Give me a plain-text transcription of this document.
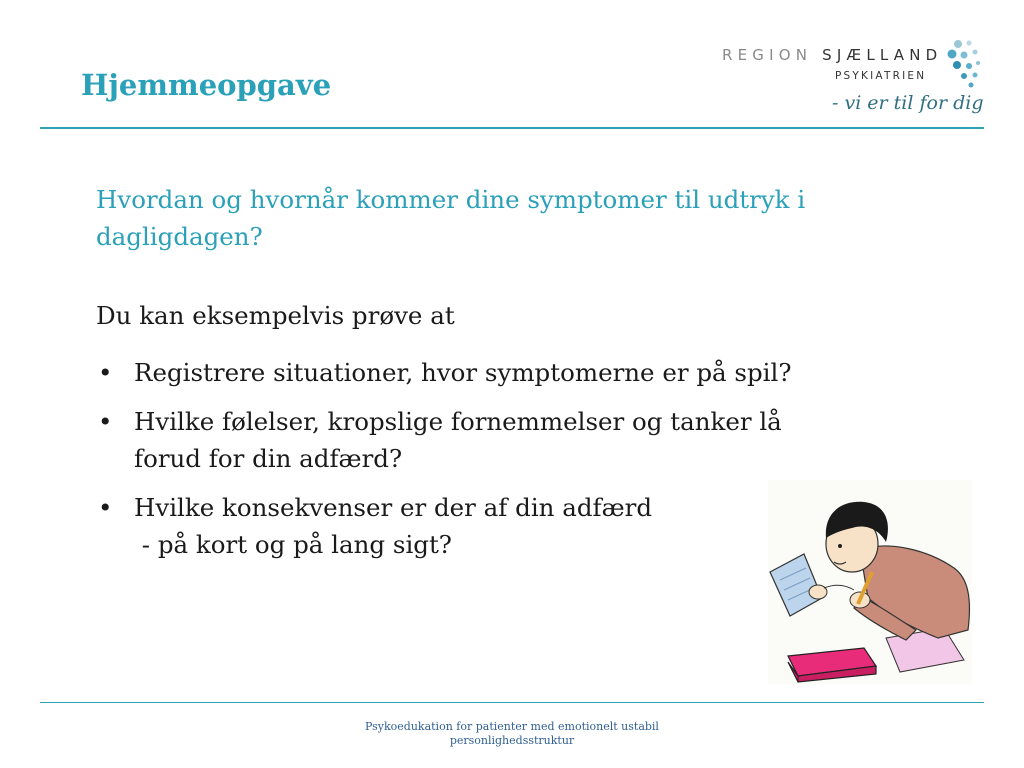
Hjemmeopgave
REGION SJÆLLAND
PSYKIATRIEN
- vi er til for dig
Hvordan og hvornår kommer dine symptomer til udtryk i dagligdagen?
Du kan eksempelvis prøve at
• Registrere situationer, hvor symptomerne er på spil?
• Hvilke følelser, kropslige fornemmelser og tanker lå
forud for din adfærd?
• Hvilke konsekvenser er der af din adfærd
- på kort og på lang sigt?
Psykoedukation for patienter med emotionelt ustabil
personlighedsstruktur
